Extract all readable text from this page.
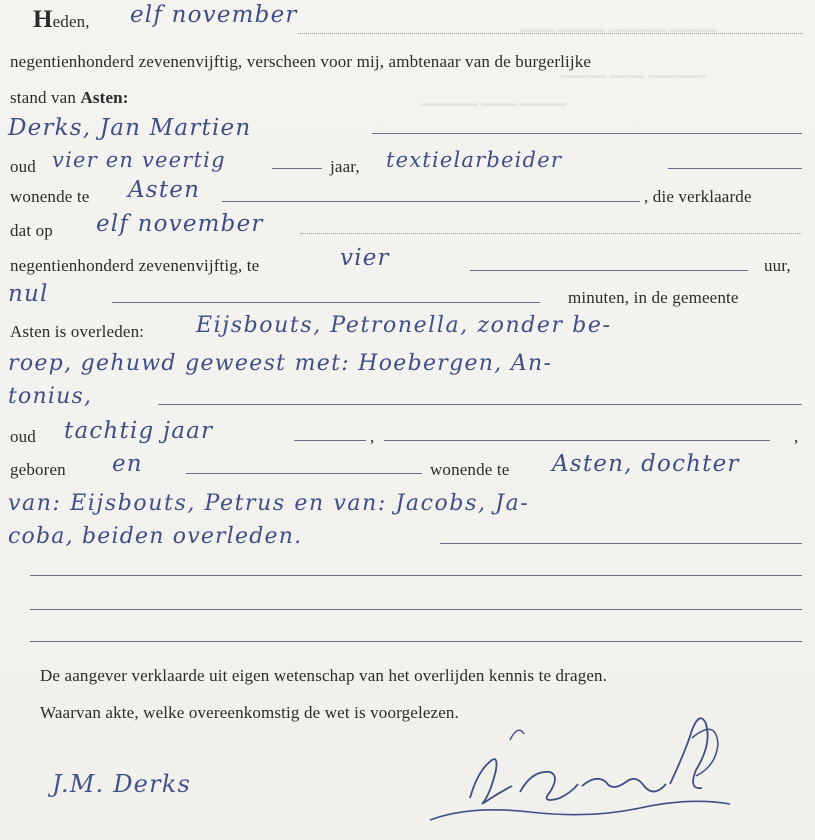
▁▁▁ ▁▁▁▁ ▁▁▁▁▁ ▁▁▁▁
▁▁▁▁ ▁▁▁ ▁▁▁▁▁
▁▁▁▁▁ ▁▁▁ ▁▁▁▁
Heden, elf november
negentienhonderd zevenenvijftig, verscheen voor mij, ambtenaar van de burgerlijke
stand van Asten:
Derks, Jan Martien
oud vier en veertig	jaar, textielarbeider
wonende te Asten	, die verklaarde
dat op elf november
negentienhonderd zevenenvijftig, te	vier	uur,
nul	minuten, in de gemeente
Asten is overleden: Eijsbouts, Petronella, zonder be-
roep, gehuwd geweest met: Hoebergen, An-
tonius,
oud tachtig jaar	,	,
geboren en	wonende te Asten, dochter
van: Eijsbouts, Petrus en van: Jacobs, Ja-
coba, beiden overleden.
De aangever verklaarde uit eigen wetenschap van het overlijden kennis te dragen.
Waarvan akte, welke overeenkomstig de wet is voorgelezen.
J.M. Derks
